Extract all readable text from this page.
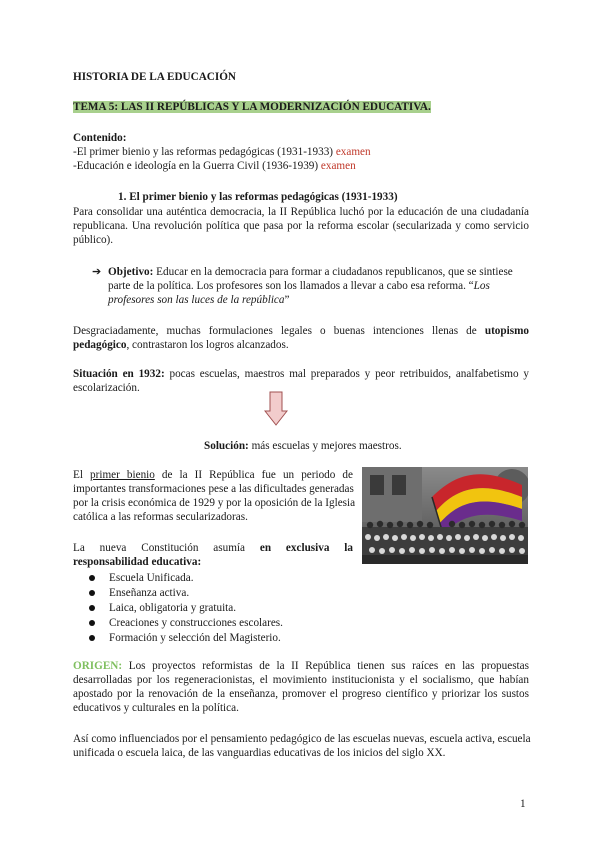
HISTORIA DE LA EDUCACIÓN
TEMA 5: LAS II REPÚBLICAS Y LA MODERNIZACIÓN EDUCATIVA.
Contenido:
-El primer bienio y las reformas pedagógicas (1931-1933) examen
-Educación e ideología en la Guerra Civil (1936-1939) examen
1. El primer bienio y las reformas pedagógicas (1931-1933)
Para consolidar una auténtica democracia, la II República luchó por la educación de una ciudadanía
republicana. Una revolución política que pasa por la reforma escolar (secularizada y como servicio
público).
➔ Objetivo: Educar en la democracia para formar a ciudadanos republicanos, que se sintiese
parte de la política. Los profesores son los llamados a llevar a cabo esa reforma. “Los
profesores son las luces de la república”
Desgraciadamente, muchas formulaciones legales o buenas intenciones llenas de utopismo
pedagógico, contrastaron los logros alcanzados.
Situación en 1932: pocas escuelas, maestros mal preparados y peor retribuidos, analfabetismo y
escolarización.
Solución: más escuelas y mejores maestros.
El primer bienio de la II República fue un periodo de
importantes transformaciones pese a las dificultades generadas
por la crisis económica de 1929 y por la oposición de la Iglesia
católica a las reformas secularizadoras.
La nueva Constitución asumía en exclusiva la
responsabilidad educativa:
Escuela Unificada.
Enseñanza activa.
Laica, obligatoria y gratuita.
Creaciones y construcciones escolares.
Formación y selección del Magisterio.
ORIGEN: Los proyectos reformistas de la II República tienen sus raíces en las propuestas
desarrolladas por los regeneracionistas, el movimiento institucionista y el socialismo, que habían
apostado por la renovación de la enseñanza, promover el progreso científico y priorizar los sustos
educativos y culturales en la política.
Así como influenciados por el pensamiento pedagógico de las escuelas nuevas, escuela activa, escuela
unificada o escuela laica, de las vanguardias educativas de los inicios del siglo XX.
1
